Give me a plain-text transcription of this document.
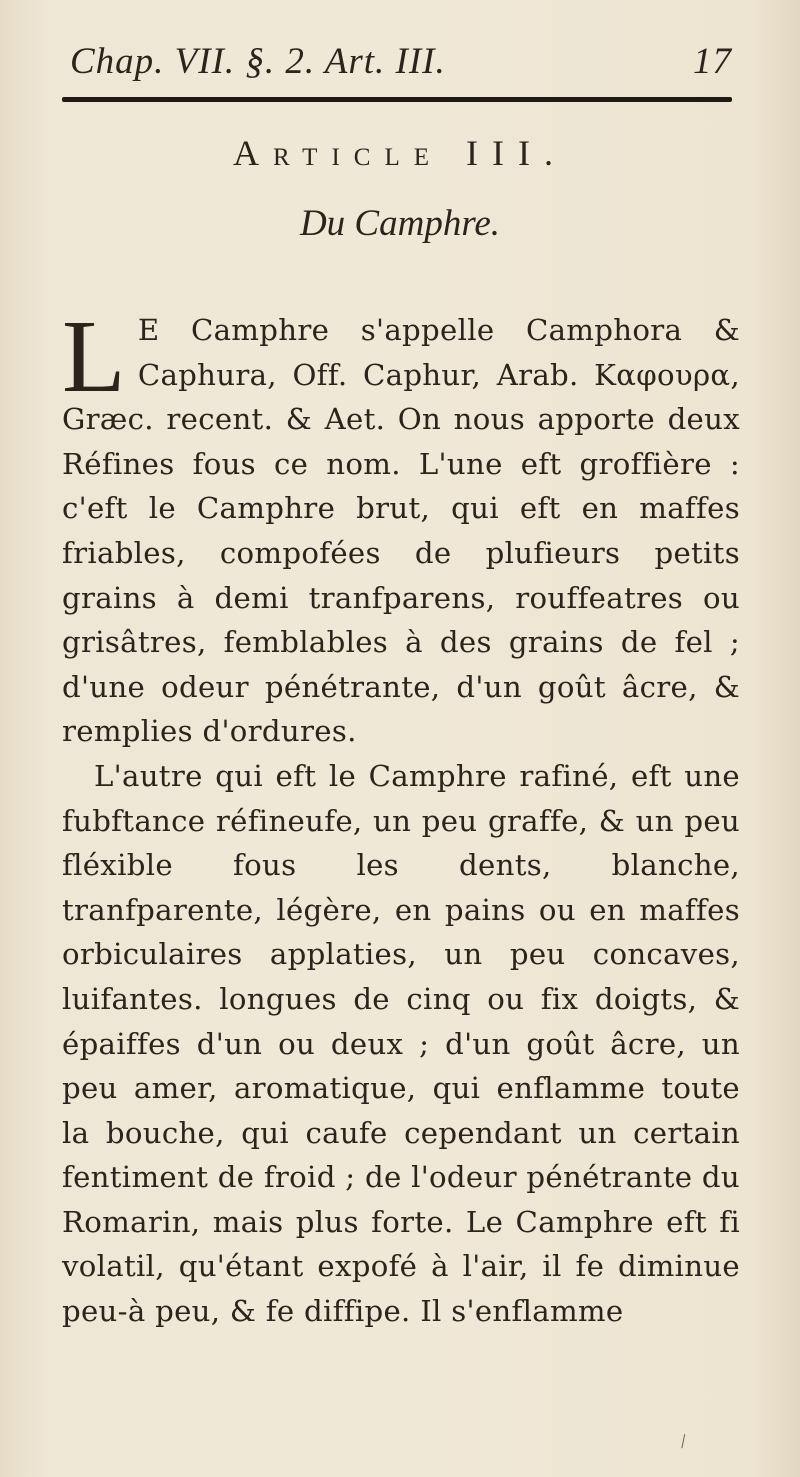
Chap. VII. §. 2. Art. III.	17
Article III.
Du Camphre.

L E Camphre s'appelle Camphora & Caphura, Off. Caphur, Arab. Καφουρα, Græc. recent. & Aet. On nous apporte deux Réfines fous ce nom. L'une eft groffière : c'eft le Camphre brut, qui eft en maffes friables, compofées de plufieurs petits grains à demi tranfparens, rouffeatres ou grisâtres, femblables à des grains de fel ; d'une odeur pénétrante, d'un goût âcre, & remplies d'ordures.

L'autre qui eft le Camphre rafiné, eft une fubftance réfineufe, un peu graffe, & un peu fléxible fous les dents, blanche, tranfparente, légère, en pains ou en maffes orbiculaires applaties, un peu concaves, luifantes. longues de cinq ou fix doigts, & épaiffes d'un ou deux ; d'un goût âcre, un peu amer, aromatique, qui enflamme toute la bouche, qui caufe cependant un certain fentiment de froid ; de l'odeur pénétrante du Romarin, mais plus forte. Le Camphre eft fi volatil, qu'étant expofé à l'air, il fe diminue peu-à peu, & fe diffipe. Il s'enflamme

⁄
